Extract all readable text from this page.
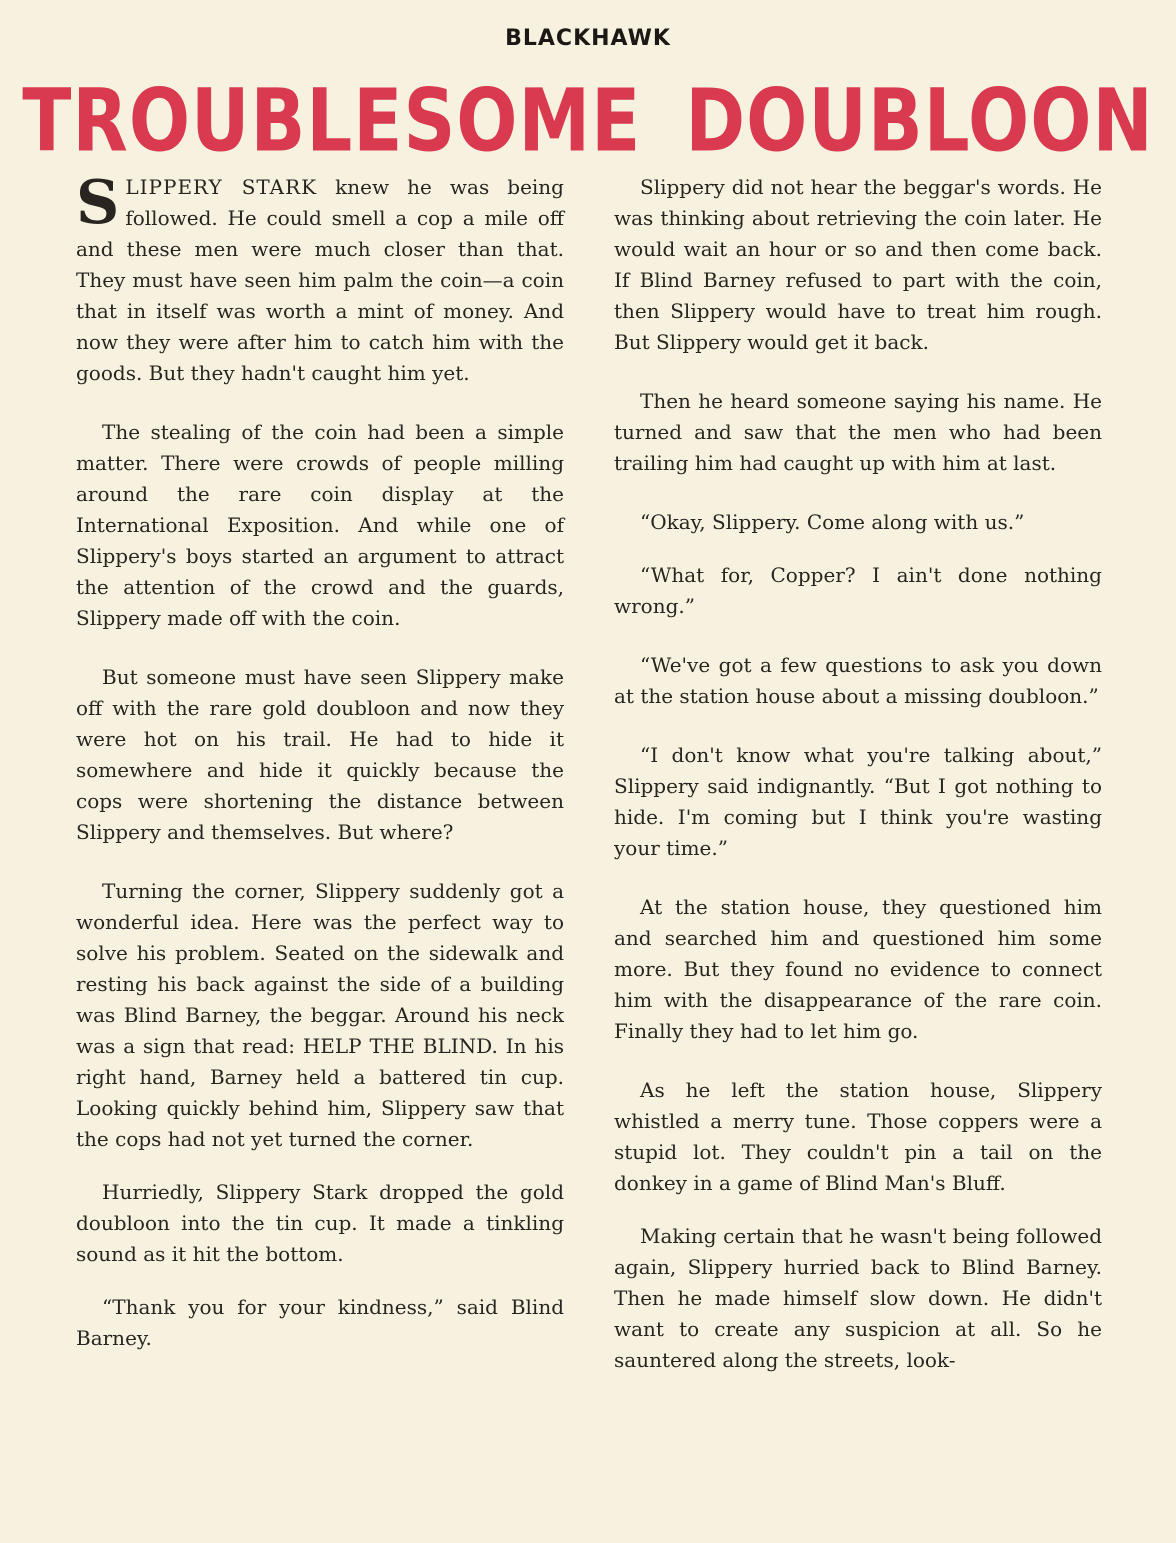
BLACKHAWK
TROUBLESOME DOUBLOON

SLIPPERY STARK knew he was being followed. He could smell a cop a mile off and these men were much closer than that. They must have seen him palm the coin—a coin that in itself was worth a mint of money. And now they were after him to catch him with the goods. But they hadn't caught him yet.

The stealing of the coin had been a simple matter. There were crowds of people milling around the rare coin display at the International Exposition. And while one of Slippery's boys started an argument to attract the attention of the crowd and the guards, Slippery made off with the coin.

But someone must have seen Slippery make off with the rare gold doubloon and now they were hot on his trail. He had to hide it somewhere and hide it quickly because the cops were shortening the distance between Slippery and themselves. But where?

Turning the corner, Slippery suddenly got a wonderful idea. Here was the perfect way to solve his problem. Seated on the sidewalk and resting his back against the side of a building was Blind Barney, the beggar. Around his neck was a sign that read: HELP THE BLIND. In his right hand, Barney held a battered tin cup. Looking quickly behind him, Slippery saw that the cops had not yet turned the corner.

Hurriedly, Slippery Stark dropped the gold doubloon into the tin cup. It made a tinkling sound as it hit the bottom.

“Thank you for your kindness,” said Blind Barney.

Slippery did not hear the beggar's words. He was thinking about retrieving the coin later. He would wait an hour or so and then come back. If Blind Barney refused to part with the coin, then Slippery would have to treat him rough. But Slippery would get it back.

Then he heard someone saying his name. He turned and saw that the men who had been trailing him had caught up with him at last.

“Okay, Slippery. Come along with us.”

“What for, Copper? I ain't done nothing wrong.”

“We've got a few questions to ask you down at the station house about a missing doubloon.”

“I don't know what you're talking about,” Slippery said indignantly. “But I got nothing to hide. I'm coming but I think you're wasting your time.”

At the station house, they questioned him and searched him and questioned him some more. But they found no evidence to connect him with the disappearance of the rare coin. Finally they had to let him go.

As he left the station house, Slippery whistled a merry tune. Those coppers were a stupid lot. They couldn't pin a tail on the donkey in a game of Blind Man's Bluff.

Making certain that he wasn't being followed again, Slippery hurried back to Blind Barney. Then he made himself slow down. He didn't want to create any suspicion at all. So he sauntered along the streets, look-
